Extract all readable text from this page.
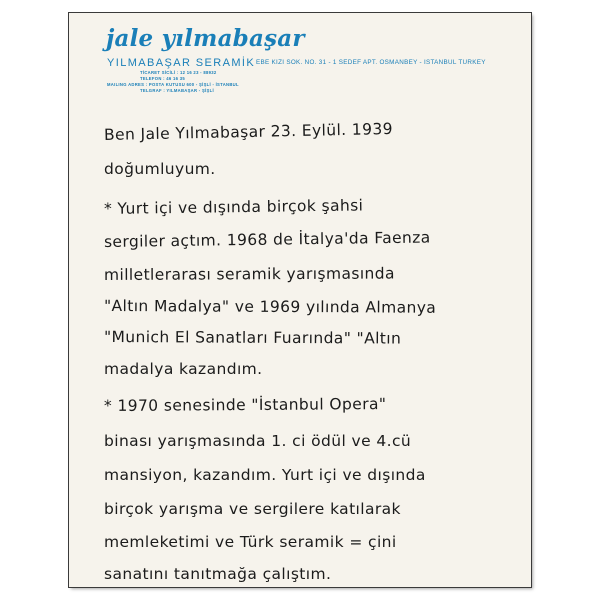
jale yılmabaşar
YILMABAŞAR SERAMİK EBE KIZI SOK. NO. 31 - 1 SEDEF APT. OSMANBEY - ISTANBUL TURKEY
TİCARET SİCİLİ : 12 16 23 - 88932
TELEFON : 46 16 35
MAILING ADRES : POSTA KUTUSU 600 - ŞİŞLİ - İSTANBUL
TELGRAF : YILMABAŞAR - ŞİŞLİ
Ben Jale Yılmabaşar 23. Eylül. 1939
doğumluyum.
* Yurt içi ve dışında birçok şahsi
sergiler açtım. 1968 de İtalya'da Faenza
milletlerarası seramik yarışmasında
"Altın Madalya" ve 1969 yılında Almanya
"Munich El Sanatları Fuarında" "Altın
madalya kazandım.
* 1970 senesinde "İstanbul Opera"
binası yarışmasında 1. ci ödül ve 4.cü
mansiyon, kazandım. Yurt içi ve dışında
birçok yarışma ve sergilere katılarak
memleketimi ve Türk seramik = çini
sanatını tanıtmağa çalıştım.
